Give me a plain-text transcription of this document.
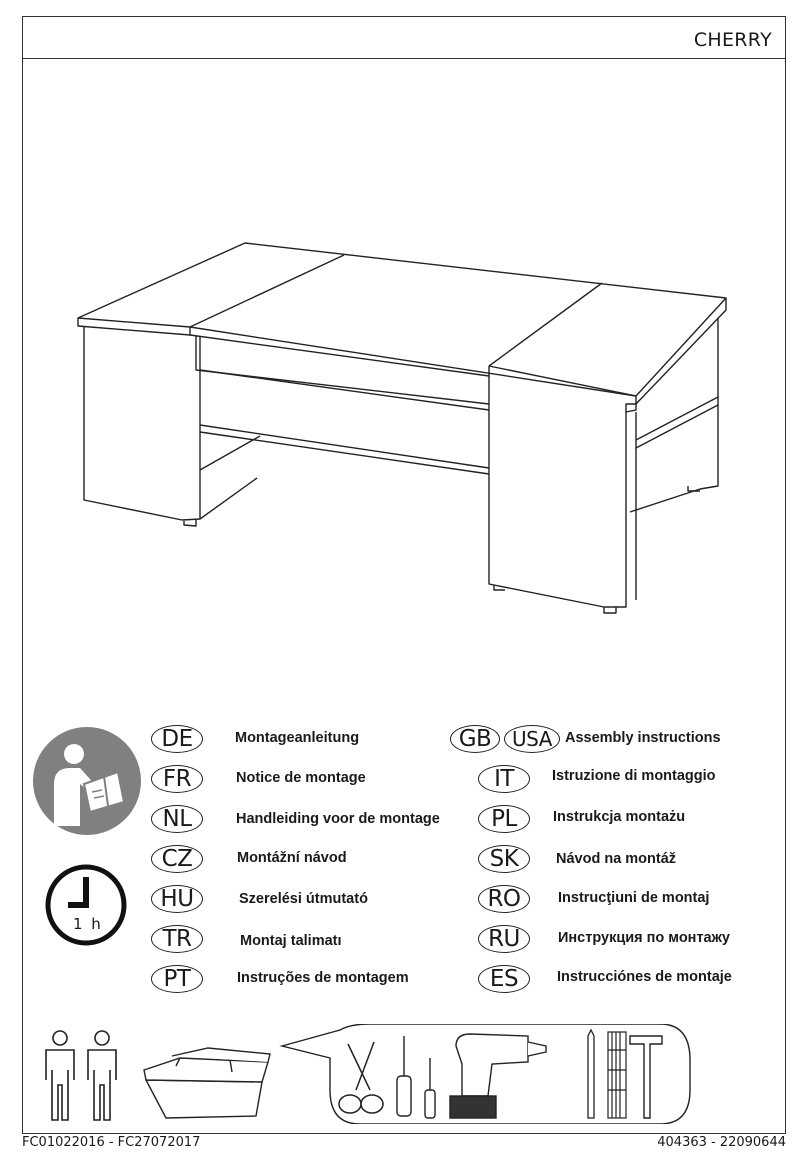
CHERRY
1 h
DE	Montageanleitung
FR	Notice de montage
NL	Handleiding voor de montage
CZ	Montážní návod
HU	Szerelési útmutató
TR	Montaj talimatı
PT	Instruções de montagem
GB	USA Assembly instructions
IT	Istruzione di montaggio
PL	Instrukcja montażu
SK	Návod na montáž
RO	Instrucţiuni de montaj
RU	Инструкция по монтажу
ES	Instrucciónes de montaje
FC01022016 - FC27072017	404363 - 22090644
